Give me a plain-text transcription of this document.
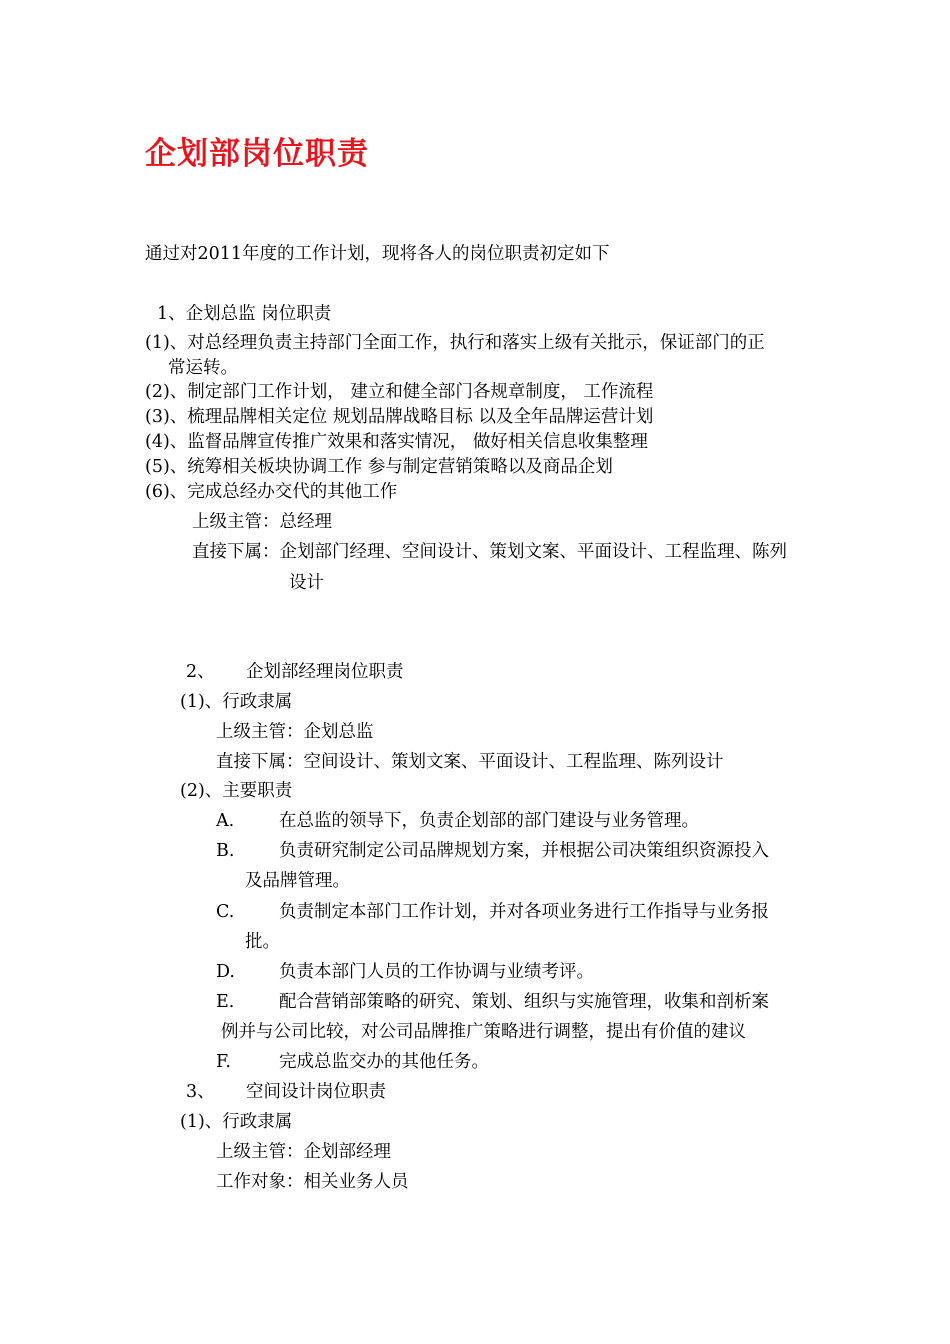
企划部岗位职责
通过对2011年度的工作计划，现将各人的岗位职责初定如下
1、企划总监 岗位职责
(1)、对总经理负责主持部门全面工作，执行和落实上级有关批示，保证部门的正
常运转。
(2)、制定部门工作计划， 建立和健全部门各规章制度， 工作流程
(3)、梳理品牌相关定位 规划品牌战略目标 以及全年品牌运营计划
(4)、监督品牌宣传推广效果和落实情况， 做好相关信息收集整理
(5)、统筹相关板块协调工作 参与制定营销策略以及商品企划
(6)、完成总经办交代的其他工作
上级主管：总经理
直接下属：企划部门经理、空间设计、策划文案、平面设计、工程监理、陈列
设计
2、 企划部经理岗位职责
(1)、行政隶属
上级主管：企划总监
直接下属：空间设计、策划文案、平面设计、工程监理、陈列设计
(2)、主要职责
A.	在总监的领导下，负责企划部的部门建设与业务管理。
B.	负责研究制定公司品牌规划方案，并根据公司决策组织资源投入
及品牌管理。
C.	负责制定本部门工作计划，并对各项业务进行工作指导与业务报
批。
D.	负责本部门人员的工作协调与业绩考评。
E.	配合营销部策略的研究、策划、组织与实施管理，收集和剖析案
例并与公司比较，对公司品牌推广策略进行调整，提出有价值的建议
F.	完成总监交办的其他任务。
3、 空间设计岗位职责
(1)、行政隶属
上级主管：企划部经理
工作对象：相关业务人员
